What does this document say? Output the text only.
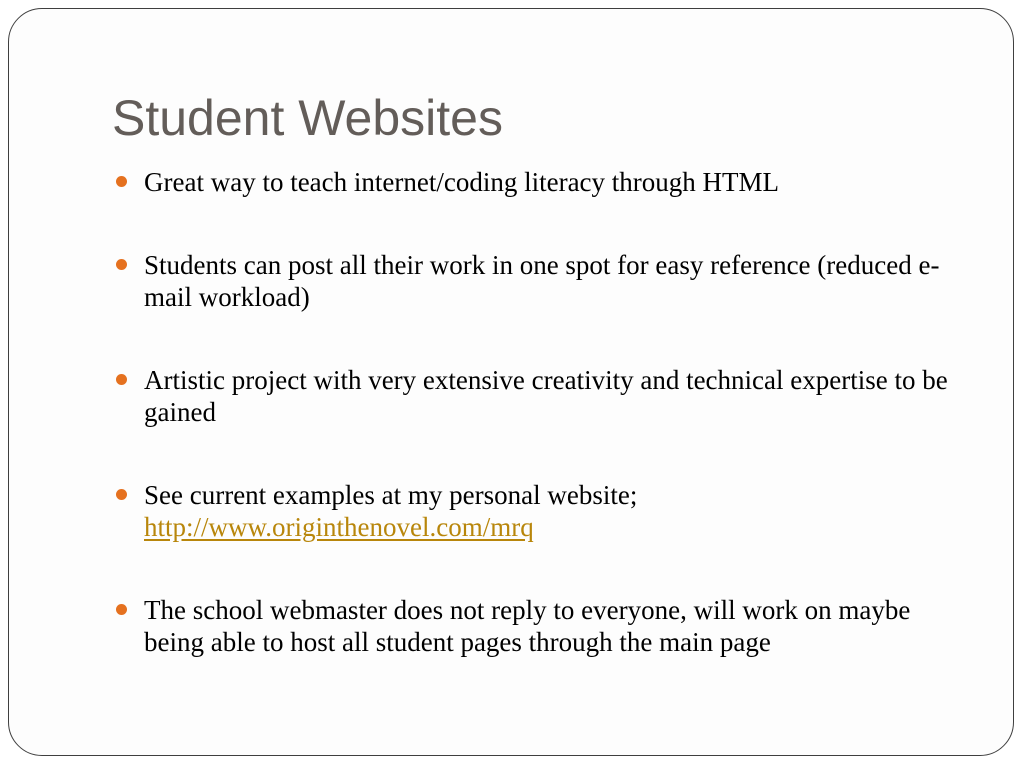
Student Websites
Great way to teach internet/coding literacy through HTML
Students can post all their work in one spot for easy reference (reduced e-mail workload)
Artistic project with very extensive creativity and technical expertise to be gained
See current examples at my personal website;
http://www.originthenovel.com/mrq
The school webmaster does not reply to everyone, will work on maybe being able to host all student pages through the main page
